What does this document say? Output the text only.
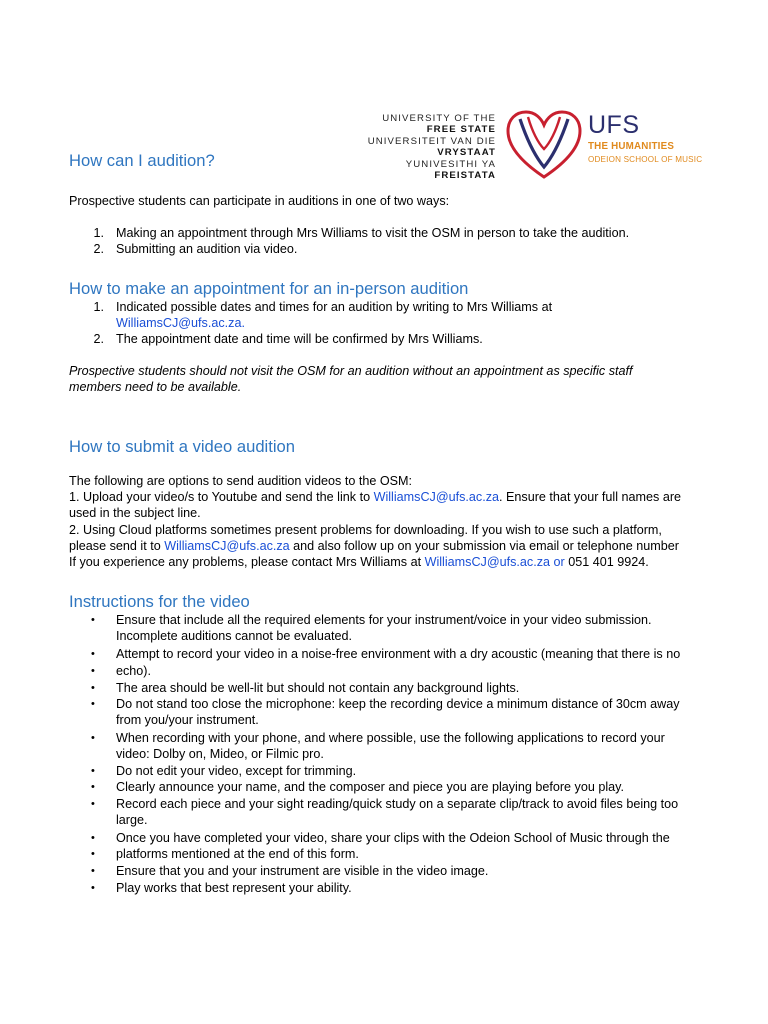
UNIVERSITY OF THE
FREE STATE
UNIVERSITEIT VAN DIE
VRYSTAAT
YUNIVESITHI YA
FREISTATA
UFS
THE HUMANITIES
ODEION SCHOOL OF MUSIC
How can I audition?
Prospective students can participate in auditions in one of two ways:
1. Making an appointment through Mrs Williams to visit the OSM in person to take the audition.
2. Submitting an audition via video.
How to make an appointment for an in-person audition
1. Indicated possible dates and times for an audition by writing to Mrs Williams at
WilliamsCJ@ufs.ac.za.
2. The appointment date and time will be confirmed by Mrs Williams.
Prospective students should not visit the OSM for an audition without an appointment as specific staff
members need to be available.
How to submit a video audition
The following are options to send audition videos to the OSM:
1. Upload your video/s to Youtube and send the link to WilliamsCJ@ufs.ac.za. Ensure that your full names are
used in the subject line.
2. Using Cloud platforms sometimes present problems for downloading. If you wish to use such a platform,
please send it to WilliamsCJ@ufs.ac.za and also follow up on your submission via email or telephone number
If you experience any problems, please contact Mrs Williams at WilliamsCJ@ufs.ac.za or 051 401 9924.
Instructions for the video
• Ensure that include all the required elements for your instrument/voice in your video submission.
Incomplete auditions cannot be evaluated.
• Attempt to record your video in a noise-free environment with a dry acoustic (meaning that there is no
• echo).
• The area should be well-lit but should not contain any background lights.
• Do not stand too close the microphone: keep the recording device a minimum distance of 30cm away
from you/your instrument.
• When recording with your phone, and where possible, use the following applications to record your
video: Dolby on, Mideo, or Filmic pro.
• Do not edit your video, except for trimming.
• Clearly announce your name, and the composer and piece you are playing before you play.
• Record each piece and your sight reading/quick study on a separate clip/track to avoid files being too
large.
• Once you have completed your video, share your clips with the Odeion School of Music through the
• platforms mentioned at the end of this form.
• Ensure that you and your instrument are visible in the video image.
• Play works that best represent your ability.
